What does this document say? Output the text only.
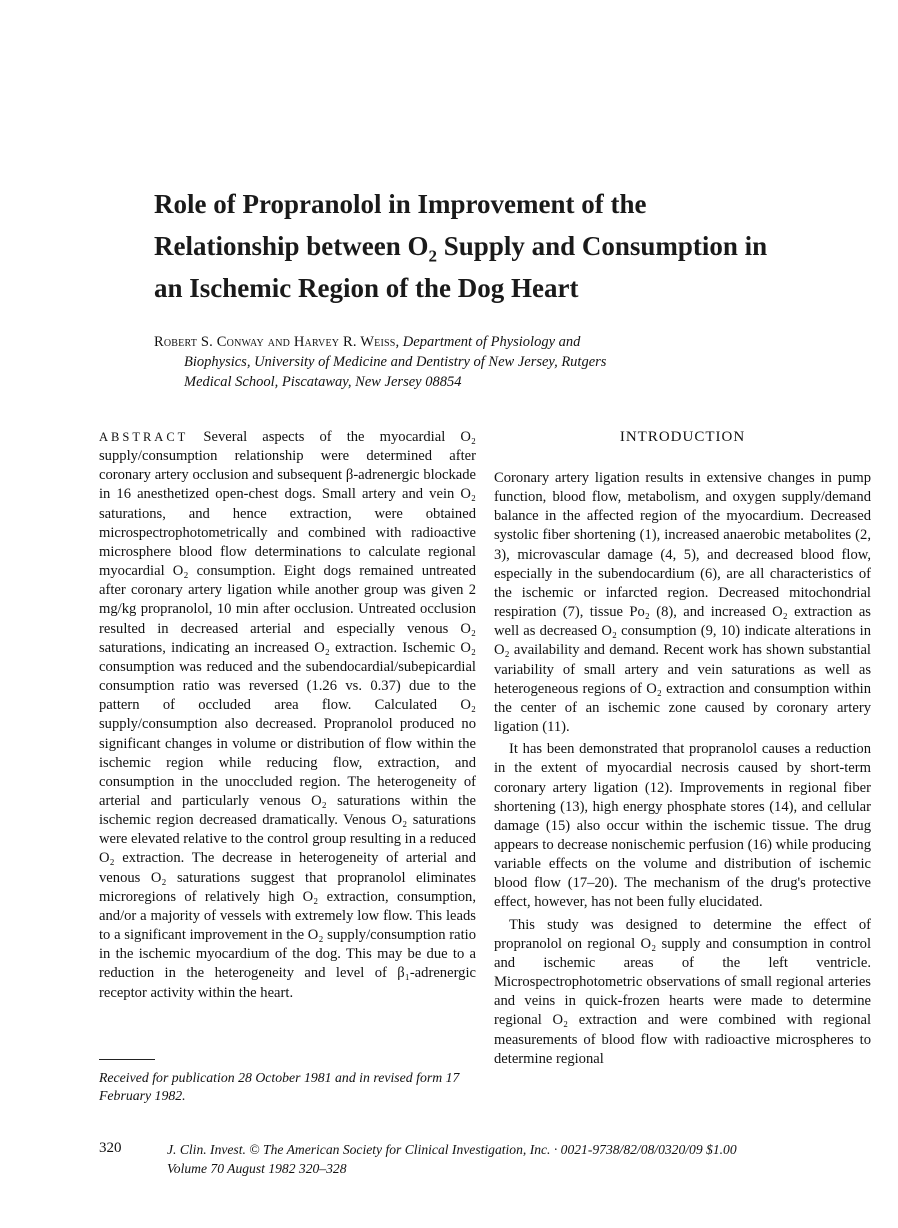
Role of Propranolol in Improvement of the
Relationship between $O_2$ Supply and Consumption in
an Ischemic Region of the Dog Heart
Robert S. Conway and Harvey R. Weiss, Department of Physiology and
Biophysics, University of Medicine and Dentistry of New Jersey, Rutgers
Medical School, Piscataway, New Jersey 08854

ABSTRACT Several aspects of the myocardial O₂ supply/consumption relationship were determined after coronary artery occlusion and subsequent β-adrenergic blockade in 16 anesthetized open-chest dogs. Small artery and vein O₂ saturations, and hence extraction, were obtained microspectrophotometrically and combined with radioactive microsphere blood flow determinations to calculate regional myocardial O₂ consumption. Eight dogs remained untreated after coronary artery ligation while another group was given 2 mg/kg propranolol, 10 min after occlusion. Untreated occlusion resulted in decreased arterial and especially venous O₂ saturations, indicating an increased O₂ extraction. Ischemic O₂ consumption was reduced and the subendocardial/subepicardial consumption ratio was reversed (1.26 vs. 0.37) due to the pattern of occluded area flow. Calculated O₂ supply/consumption also decreased. Propranolol produced no significant changes in volume or distribution of flow within the ischemic region while reducing flow, extraction, and consumption in the unoccluded region. The heterogeneity of arterial and particularly venous O₂ saturations within the ischemic region decreased dramatically. Venous O₂ saturations were elevated relative to the control group resulting in a reduced O₂ extraction. The decrease in heterogeneity of arterial and venous O₂ saturations suggest that propranolol eliminates microregions of relatively high O₂ extraction, consumption, and/or a majority of vessels with extremely low flow. This leads to a significant improvement in the O₂ supply/consumption ratio in the ischemic myocardium of the dog. This may be due to a reduction in the heterogeneity and level of β₁-adrenergic receptor activity within the heart.

Received for publication 28 October 1981 and in revised form 17 February 1982.
INTRODUCTION

Coronary artery ligation results in extensive changes in pump function, blood flow, metabolism, and oxygen supply/demand balance in the affected region of the myocardium. Decreased systolic fiber shortening (1), increased anaerobic metabolites (2, 3), microvascular damage (4, 5), and decreased blood flow, especially in the subendocardium (6), are all characteristics of the ischemic or infarcted region. Decreased mitochondrial respiration (7), tissue Po₂ (8), and increased O₂ extraction as well as decreased O₂ consumption (9, 10) indicate alterations in O₂ availability and demand. Recent work has shown substantial variability of small artery and vein saturations as well as heterogeneous regions of O₂ extraction and consumption within the center of an ischemic zone caused by coronary artery ligation (11).

It has been demonstrated that propranolol causes a reduction in the extent of myocardial necrosis caused by short-term coronary artery ligation (12). Improvements in regional fiber shortening (13), high energy phosphate stores (14), and cellular damage (15) also occur within the ischemic tissue. The drug appears to decrease nonischemic perfusion (16) while producing variable effects on the volume and distribution of ischemic blood flow (17–20). The mechanism of the drug's protective effect, however, has not been fully elucidated.

This study was designed to determine the effect of propranolol on regional O₂ supply and consumption in control and ischemic areas of the left ventricle. Microspectrophotometric observations of small regional arteries and veins in quick-frozen hearts were made to determine regional O₂ extraction and were combined with regional measurements of blood flow with radioactive microspheres to determine regional

320	J. Clin. Invest. © The American Society for Clinical Investigation, Inc. · 0021-9738/82/08/0320/09 $1.00
Volume 70 August 1982 320–328
